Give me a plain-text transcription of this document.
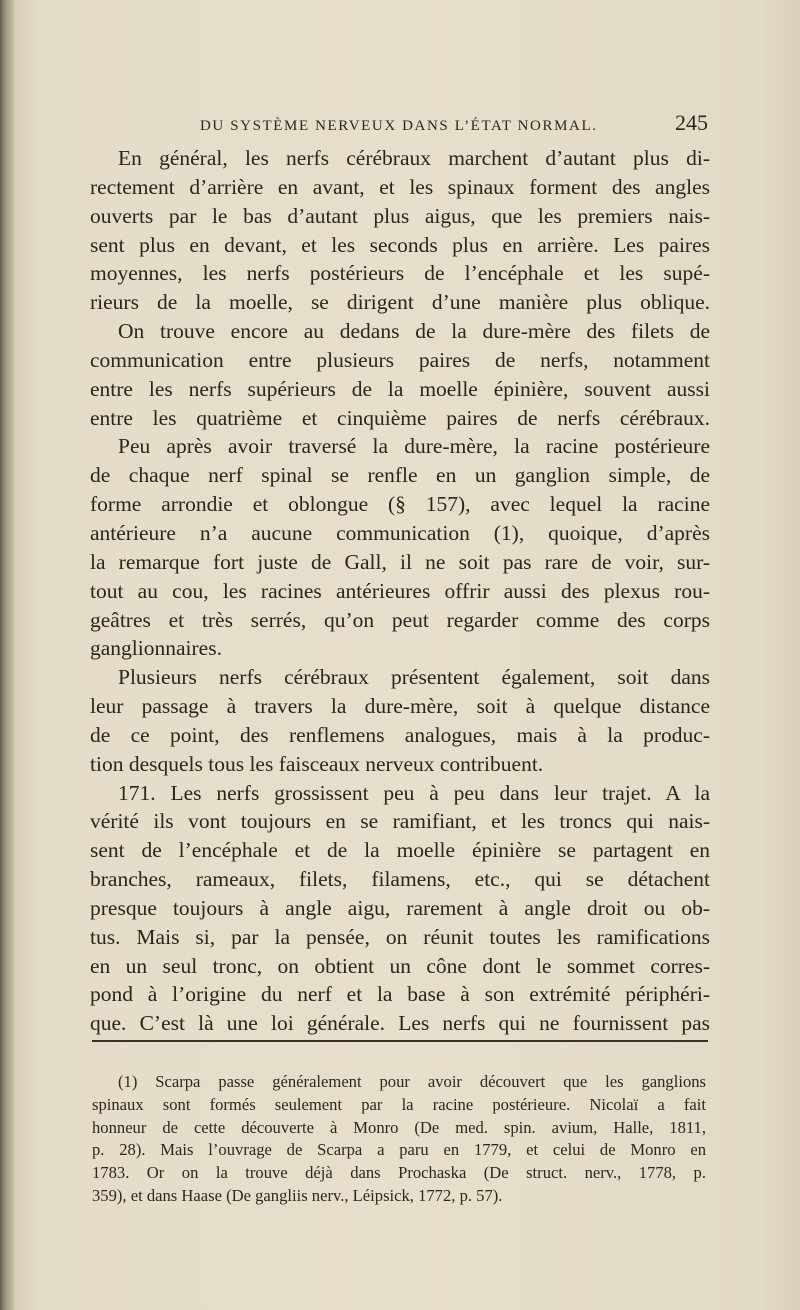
DU SYSTÈME NERVEUX DANS L’ÉTAT NORMAL.	245
En général, les nerfs cérébraux marchent d’autant plus di-
rectement d’arrière en avant, et les spinaux forment des angles
ouverts par le bas d’autant plus aigus, que les premiers nais-
sent plus en devant, et les seconds plus en arrière. Les paires
moyennes, les nerfs postérieurs de l’encéphale et les supé-
rieurs de la moelle, se dirigent d’une manière plus oblique.
On trouve encore au dedans de la dure-mère des filets de
communication entre plusieurs paires de nerfs, notamment
entre les nerfs supérieurs de la moelle épinière, souvent aussi
entre les quatrième et cinquième paires de nerfs cérébraux.
Peu après avoir traversé la dure-mère, la racine postérieure
de chaque nerf spinal se renfle en un ganglion simple, de
forme arrondie et oblongue (§ 157), avec lequel la racine
antérieure n’a aucune communication (1), quoique, d’après
la remarque fort juste de Gall, il ne soit pas rare de voir, sur-
tout au cou, les racines antérieures offrir aussi des plexus rou-
geâtres et très serrés, qu’on peut regarder comme des corps
ganglionnaires.
Plusieurs nerfs cérébraux présentent également, soit dans
leur passage à travers la dure-mère, soit à quelque distance
de ce point, des renflemens analogues, mais à la produc-
tion desquels tous les faisceaux nerveux contribuent.
171. Les nerfs grossissent peu à peu dans leur trajet. A la
vérité ils vont toujours en se ramifiant, et les troncs qui nais-
sent de l’encéphale et de la moelle épinière se partagent en
branches, rameaux, filets, filamens, etc., qui se détachent
presque toujours à angle aigu, rarement à angle droit ou ob-
tus. Mais si, par la pensée, on réunit toutes les ramifications
en un seul tronc, on obtient un cône dont le sommet corres-
pond à l’origine du nerf et la base à son extrémité périphéri-
que. C’est là une loi générale. Les nerfs qui ne fournissent pas
(1) Scarpa passe généralement pour avoir découvert que les ganglions
spinaux sont formés seulement par la racine postérieure. Nicolaï a fait
honneur de cette découverte à Monro (De med. spin. avium, Halle, 1811,
p. 28). Mais l’ouvrage de Scarpa a paru en 1779, et celui de Monro en
1783. Or on la trouve déjà dans Prochaska (De struct. nerv., 1778, p.
359), et dans Haase (De gangliis nerv., Léipsick, 1772, p. 57).
